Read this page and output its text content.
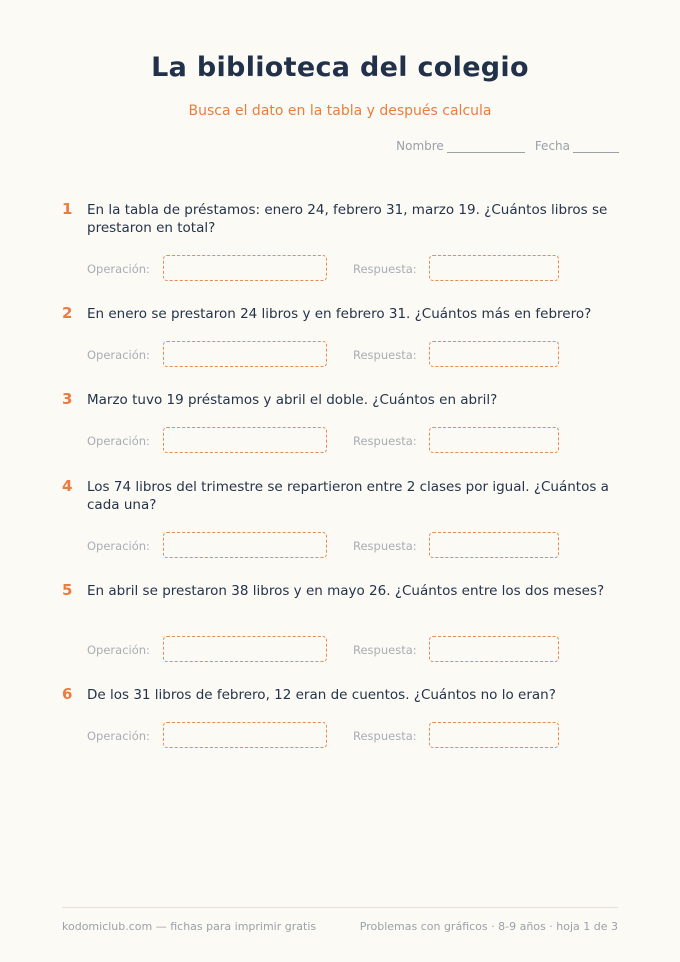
La biblioteca del colegio
Busca el dato en la tabla y después calcula
Nombre	Fecha
1 En la tabla de préstamos: enero 24, febrero 31, marzo 19. ¿Cuántos libros se prestaron en total?
Operación:	Respuesta:
2 En enero se prestaron 24 libros y en febrero 31. ¿Cuántos más en febrero?
Operación:	Respuesta:
3 Marzo tuvo 19 préstamos y abril el doble. ¿Cuántos en abril?
Operación:	Respuesta:
4 Los 74 libros del trimestre se repartieron entre 2 clases por igual. ¿Cuántos a cada una?
Operación:	Respuesta:
5 En abril se prestaron 38 libros y en mayo 26. ¿Cuántos entre los dos meses?
Operación:	Respuesta:
6 De los 31 libros de febrero, 12 eran de cuentos. ¿Cuántos no lo eran?
Operación:	Respuesta:
kodomiclub.com — fichas para imprimir gratis	Problemas con gráficos · 8-9 años · hoja 1 de 3
